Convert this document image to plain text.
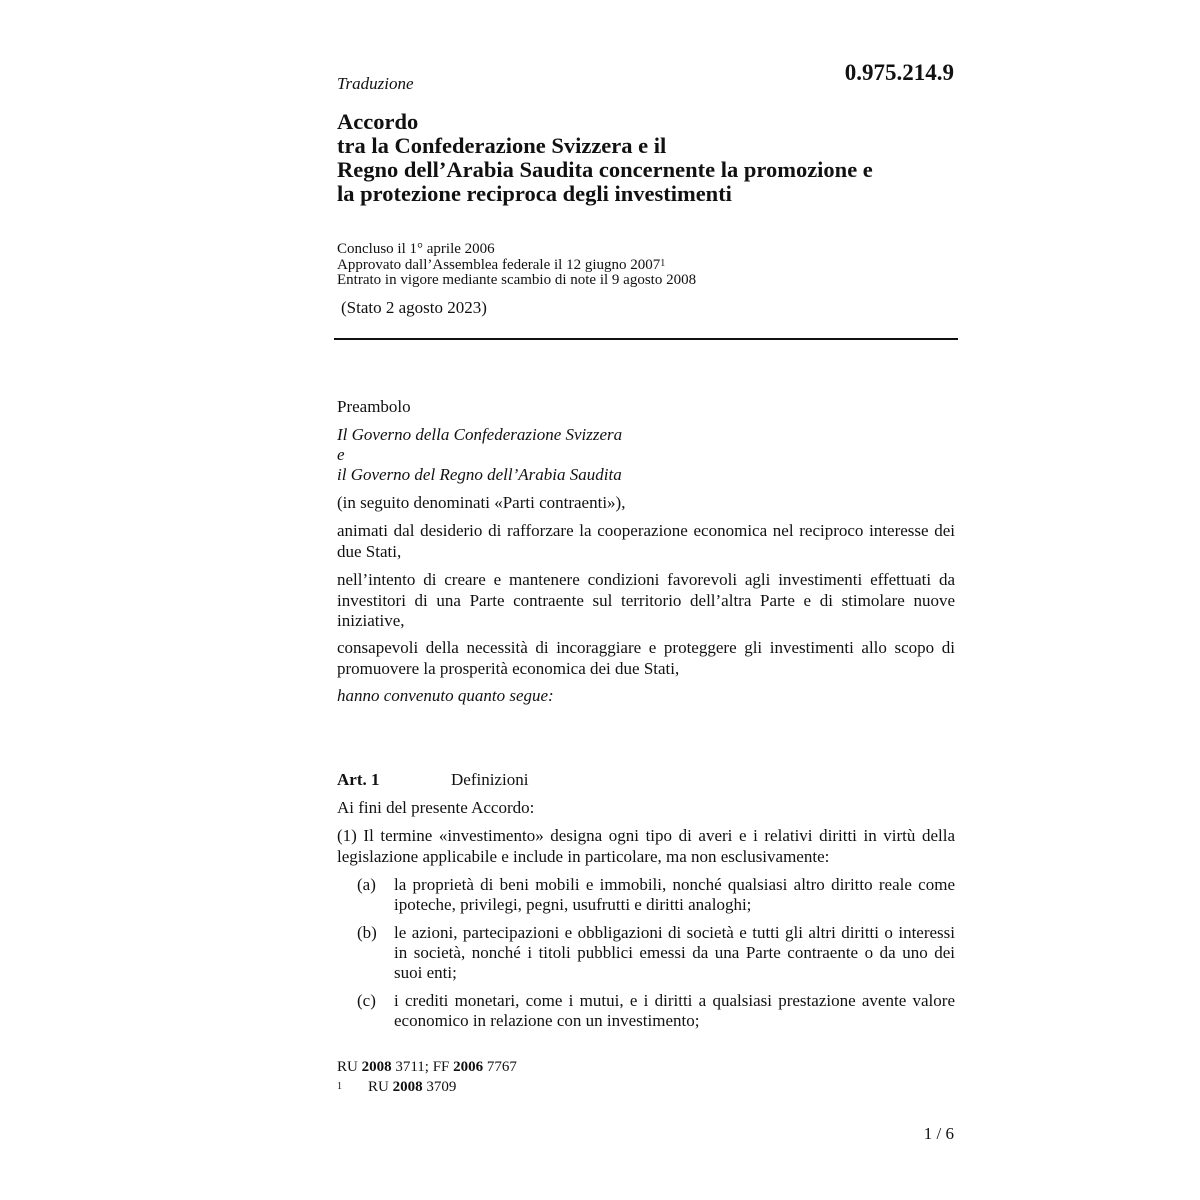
Traduzione	0.975.214.9
Accordo
tra la Confederazione Svizzera e il
Regno dell’Arabia Saudita concernente la promozione e
la protezione reciproca degli investimenti
Concluso il 1° aprile 2006
Approvato dall’Assemblea federale il 12 giugno 2007$^1$
Entrato in vigore mediante scambio di note il 9 agosto 2008
(Stato 2 agosto 2023)
Preambolo
Il Governo della Confederazione Svizzera
e
il Governo del Regno dell’Arabia Saudita
(in seguito denominati «Parti contraenti»),
animati dal desiderio di rafforzare la cooperazione economica nel reciproco interesse dei due Stati,
nell’intento di creare e mantenere condizioni favorevoli agli investimenti effettuati da investitori di una Parte contraente sul territorio dell’altra Parte e di stimolare nuove iniziative,
consapevoli della necessità di incoraggiare e proteggere gli investimenti allo scopo di promuovere la prosperità economica dei due Stati,
hanno convenuto quanto segue:
Art. 1	Definizioni
Ai fini del presente Accordo:
(1) Il termine «investimento» designa ogni tipo di averi e i relativi diritti in virtù della legislazione applicabile e include in particolare, ma non esclusivamente:
(a) la proprietà di beni mobili e immobili, nonché qualsiasi altro diritto reale come ipoteche, privilegi, pegni, usufrutti e diritti analoghi;
(b) le azioni, partecipazioni e obbligazioni di società e tutti gli altri diritti o interessi in società, nonché i titoli pubblici emessi da una Parte contraente o da uno dei suoi enti;
(c) i crediti monetari, come i mutui, e i diritti a qualsiasi prestazione avente valore economico in relazione con un investimento;
RU 2008 3711; FF 2006 7767
$^1$ RU 2008 3709
1 / 6
